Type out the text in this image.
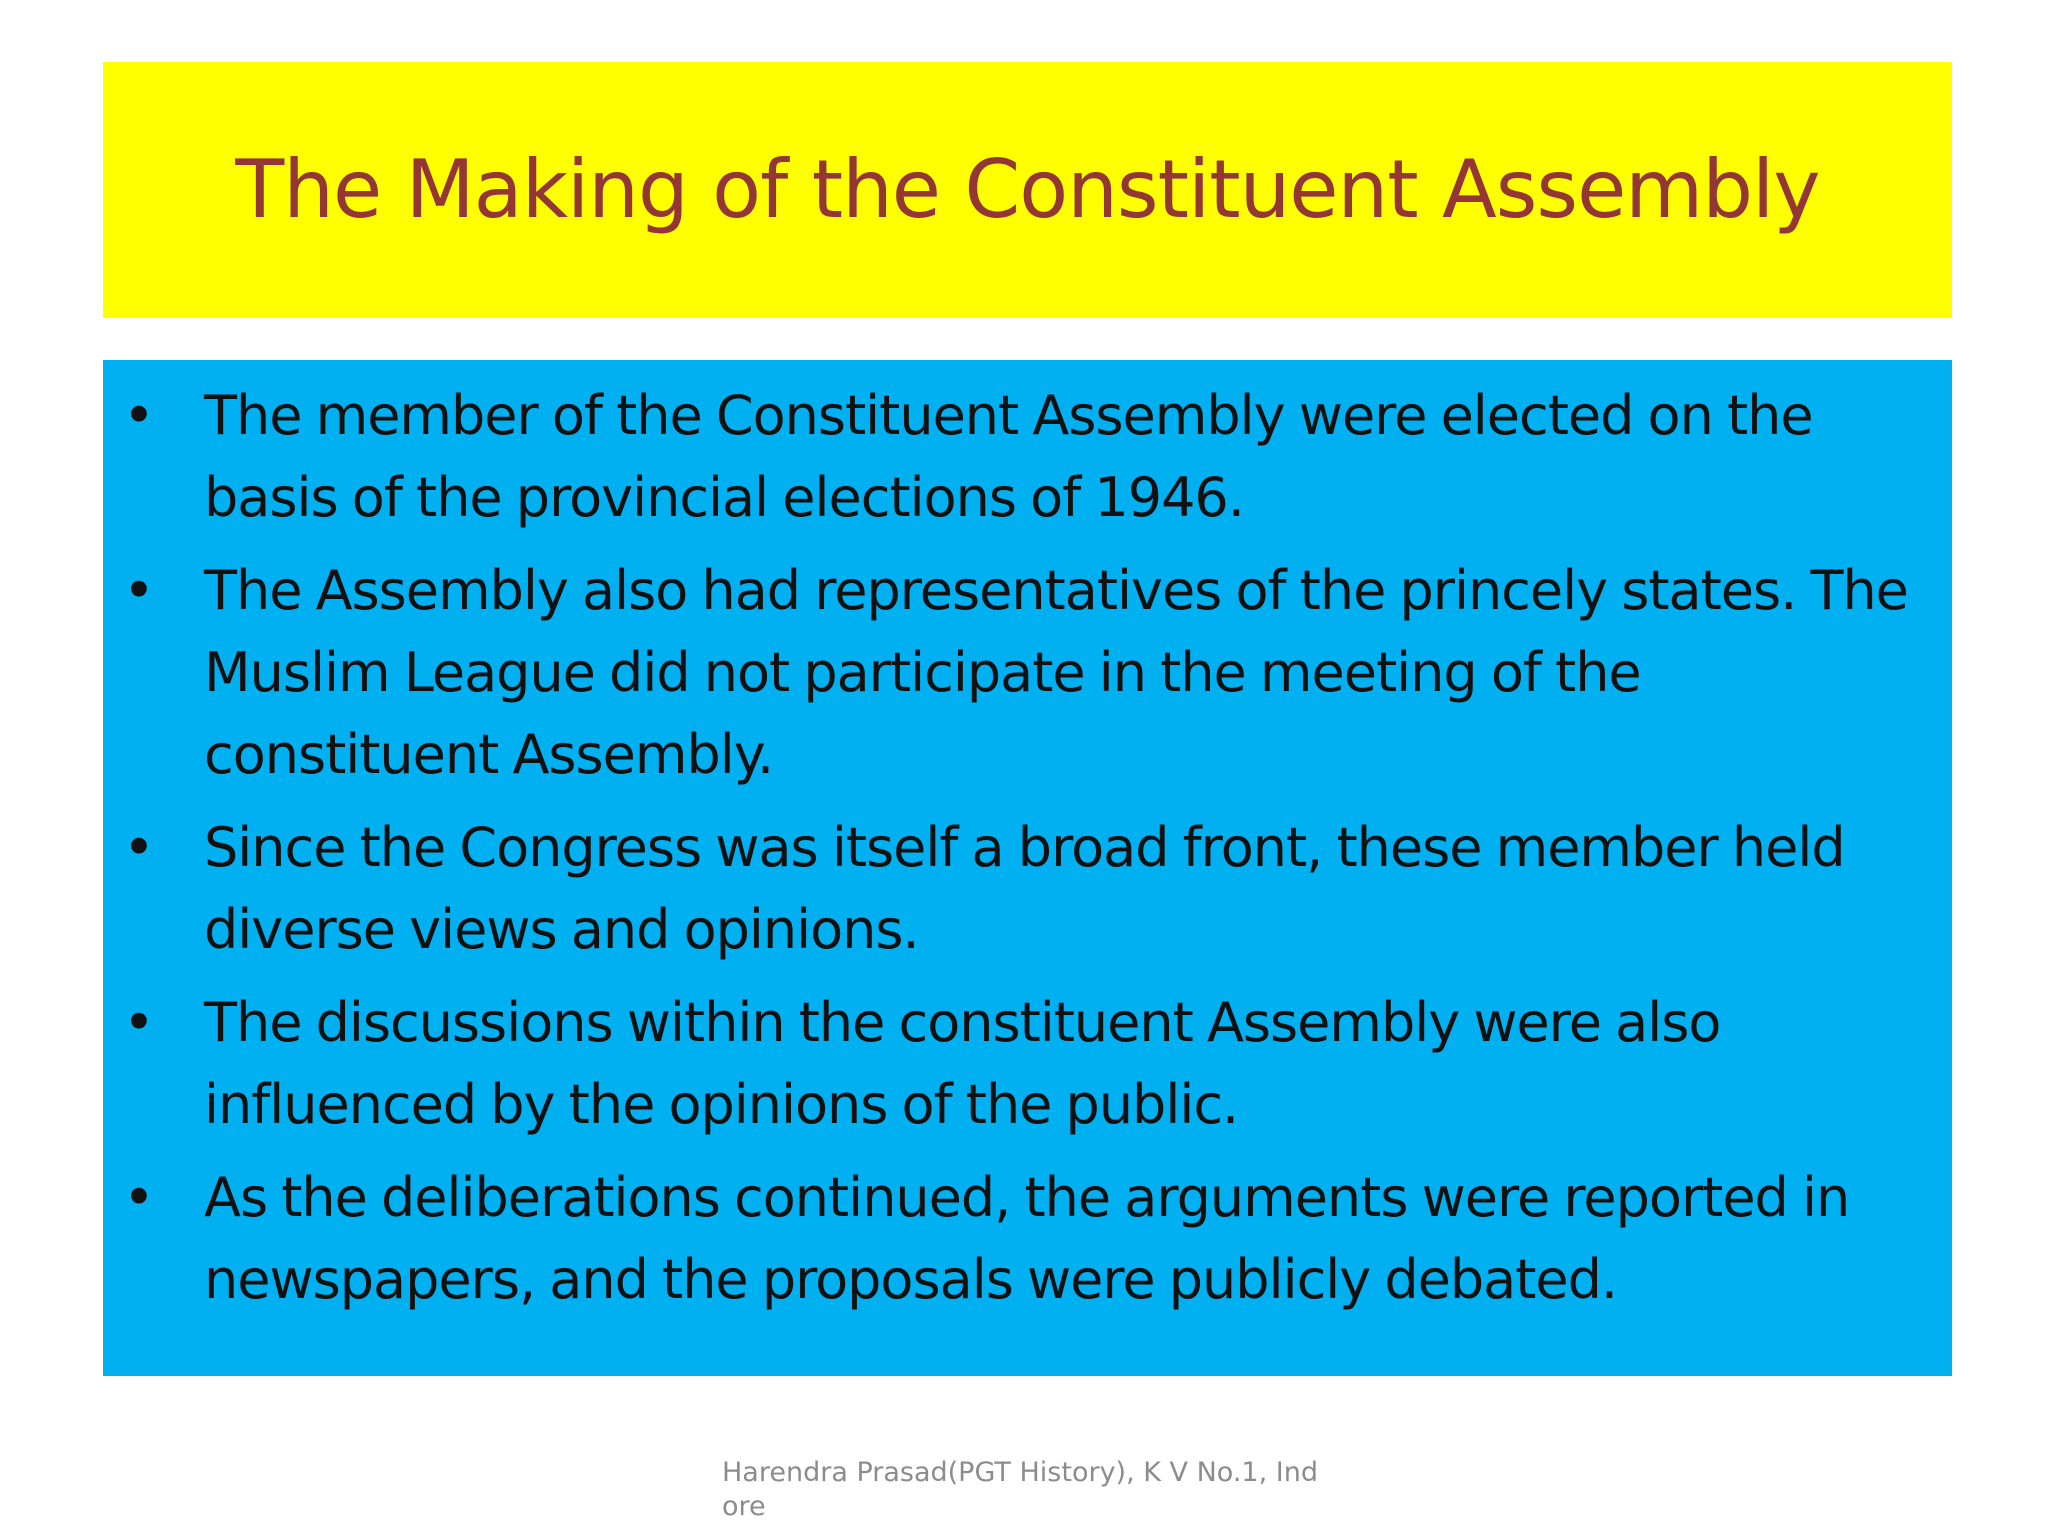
The Making of the Constituent Assembly
• The member of the Constituent Assembly were elected on the basis of the provincial elections of 1946.
• The Assembly also had representatives of the princely states. The Muslim League did not participate in the meeting of the constituent Assembly.
• Since the Congress was itself a broad front, these member held diverse views and opinions.
• The discussions within the constituent Assembly were also influenced by the opinions of the public.
• As the deliberations continued, the arguments were reported in newspapers, and the proposals were publicly debated.
Harendra Prasad(PGT History), K V No.1, Indore
